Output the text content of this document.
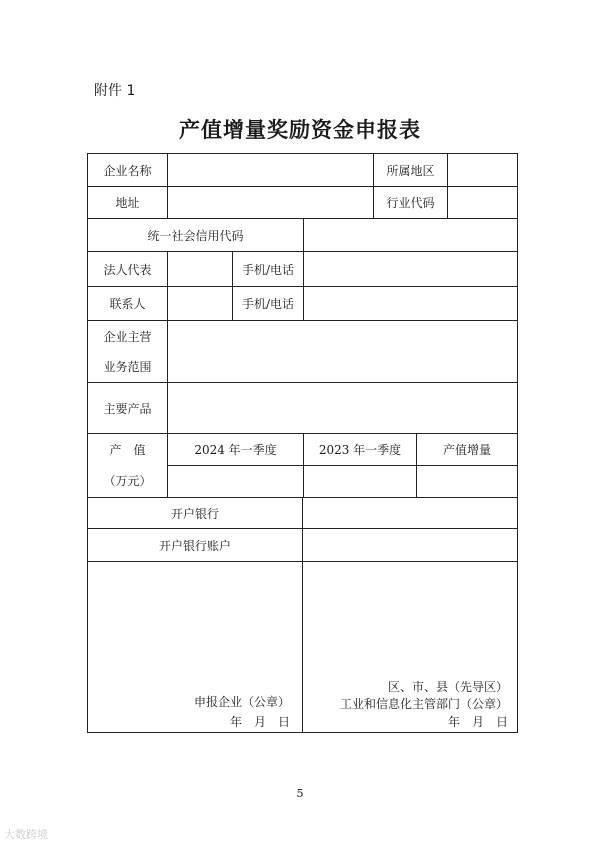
附件 1
产值增量奖励资金申报表
企业名称	所属地区
地址	行业代码
统一社会信用代码
法人代表	手机/电话
联系人	手机/电话
企业主营
业务范围
主要产品
产　值
（万元）
2024 年一季度	2023 年一季度	产值增量
开户银行
开户银行账户
申报企业（公章）
年　月　日
区、市、县（先导区）
工业和信息化主管部门（公章）
年　月　日
5
大数跨境
